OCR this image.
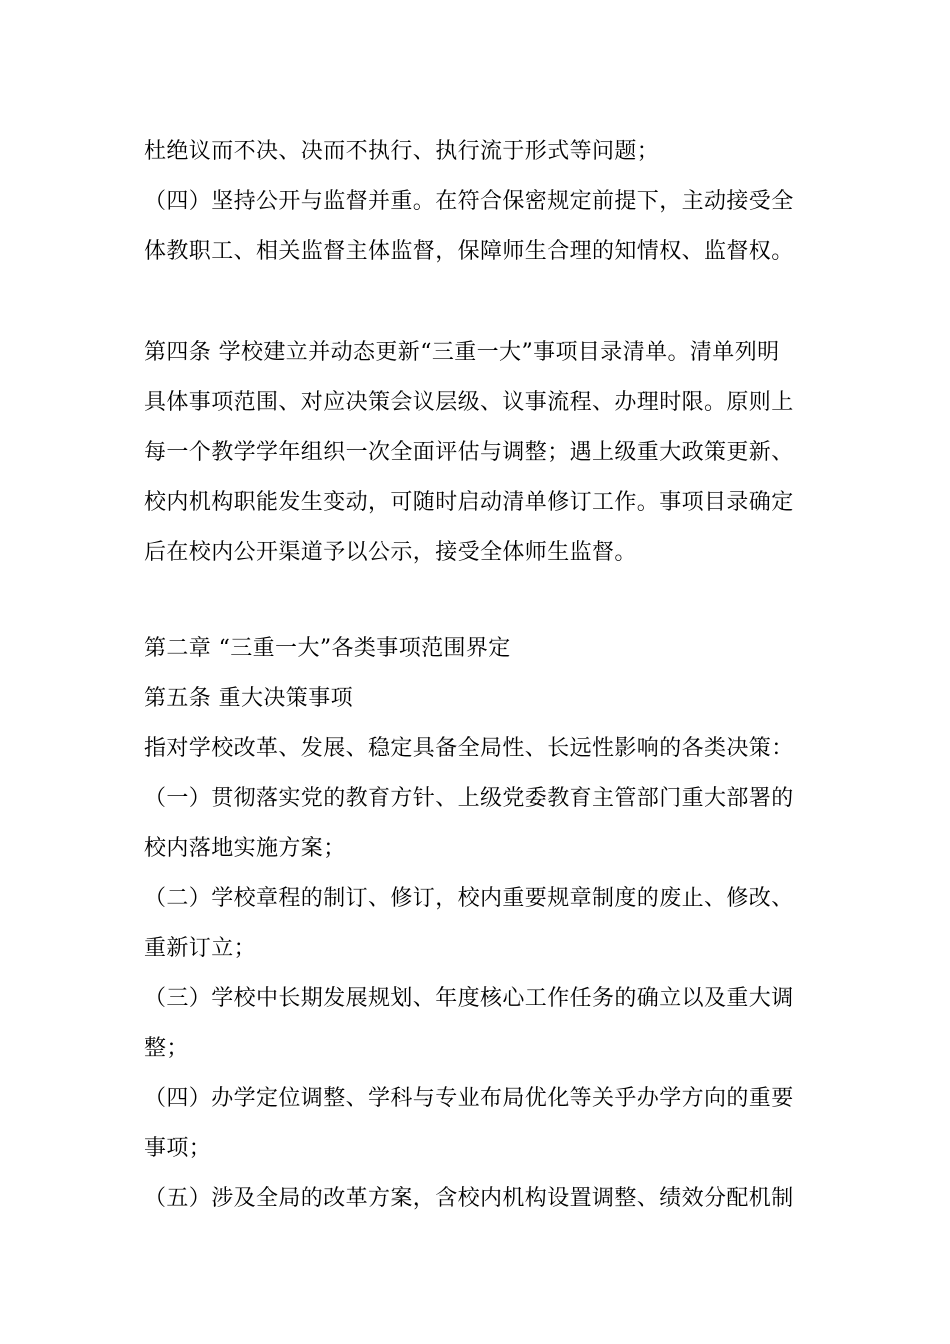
杜绝议而不决、决而不执行、执行流于形式等问题；
（四）坚持公开与监督并重。在符合保密规定前提下，主动接受全
体教职工、相关监督主体监督，保障师生合理的知情权、监督权。
第四条 学校建立并动态更新“三重一大”事项目录清单。清单列明
具体事项范围、对应决策会议层级、议事流程、办理时限。原则上
每一个教学学年组织一次全面评估与调整；遇上级重大政策更新、
校内机构职能发生变动，可随时启动清单修订工作。事项目录确定
后在校内公开渠道予以公示，接受全体师生监督。
第二章 “三重一大”各类事项范围界定
第五条 重大决策事项
指对学校改革、发展、稳定具备全局性、长远性影响的各类决策：
（一）贯彻落实党的教育方针、上级党委教育主管部门重大部署的
校内落地实施方案；
（二）学校章程的制订、修订，校内重要规章制度的废止、修改、
重新订立；
（三）学校中长期发展规划、年度核心工作任务的确立以及重大调
整；
（四）办学定位调整、学科与专业布局优化等关乎办学方向的重要
事项；
（五）涉及全局的改革方案，含校内机构设置调整、绩效分配机制
